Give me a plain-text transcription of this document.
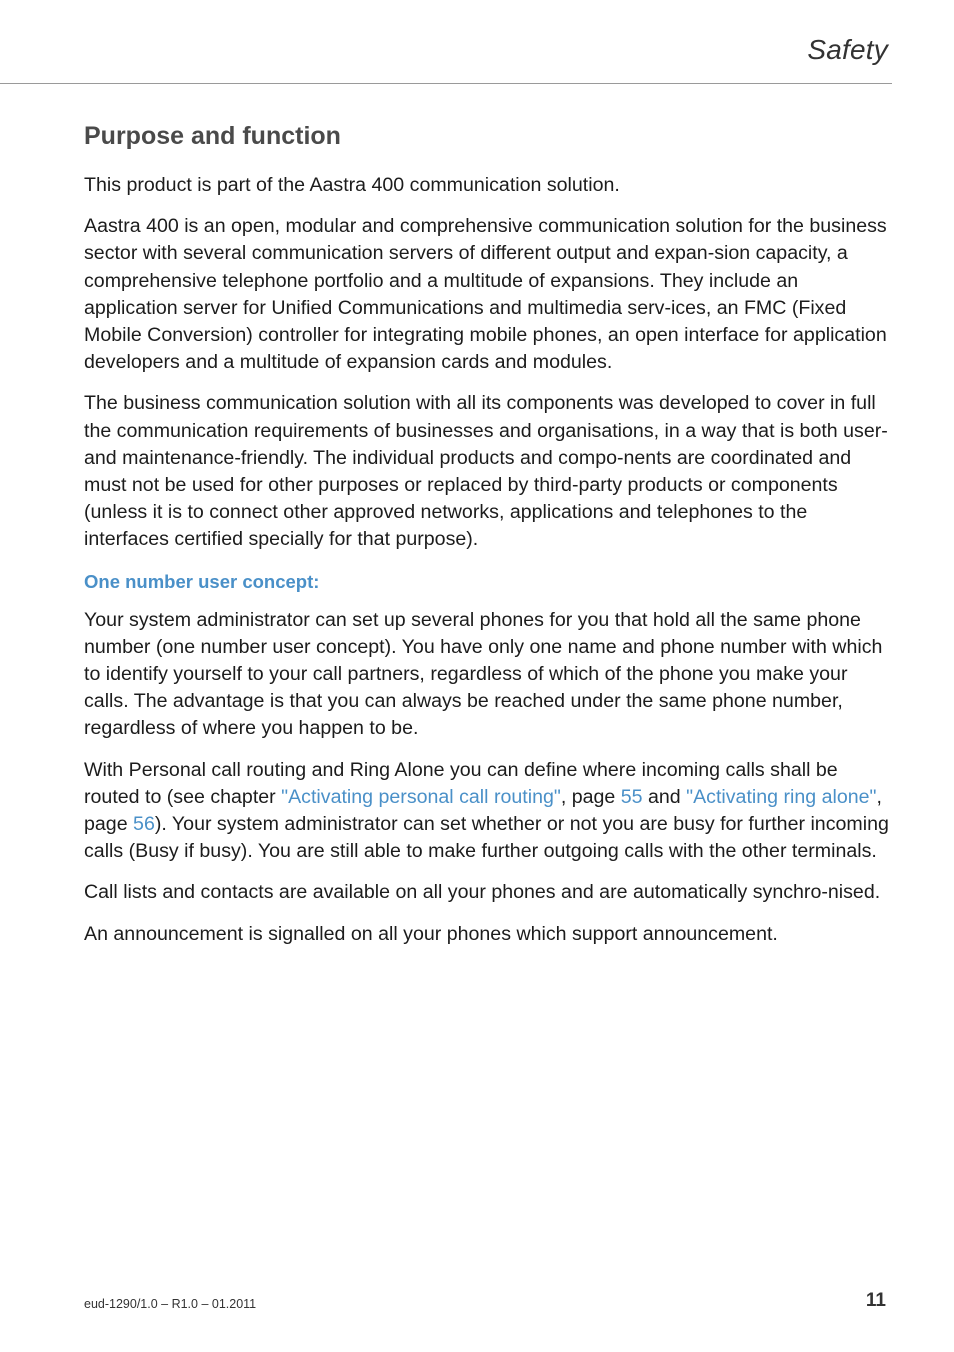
Safety
Purpose and function

This product is part of the Aastra 400 communication solution.

Aastra 400 is an open, modular and comprehensive communication solution for the business sector with several communication servers of different output and expan-sion capacity, a comprehensive telephone portfolio and a multitude of expansions. They include an application server for Unified Communications and multimedia serv-ices, an FMC (Fixed Mobile Conversion) controller for integrating mobile phones, an open interface for application developers and a multitude of expansion cards and modules.

The business communication solution with all its components was developed to cover in full the communication requirements of businesses and organisations, in a way that is both user- and maintenance-friendly. The individual products and compo-nents are coordinated and must not be used for other purposes or replaced by third-party products or components (unless it is to connect other approved networks, applications and telephones to the interfaces certified specially for that purpose).

One number user concept:

Your system administrator can set up several phones for you that hold all the same phone number (one number user concept). You have only one name and phone number with which to identify yourself to your call partners, regardless of which of the phone you make your calls. The advantage is that you can always be reached under the same phone number, regardless of where you happen to be.

With Personal call routing and Ring Alone you can define where incoming calls shall be routed to (see chapter "Activating personal call routing", page 55 and "Activating ring alone", page 56). Your system administrator can set whether or not you are busy for further incoming calls (Busy if busy). You are still able to make further outgoing calls with the other terminals.

Call lists and contacts are available on all your phones and are automatically synchro-nised.

An announcement is signalled on all your phones which support announcement.

eud-1290/1.0 – R1.0 – 01.2011	11
